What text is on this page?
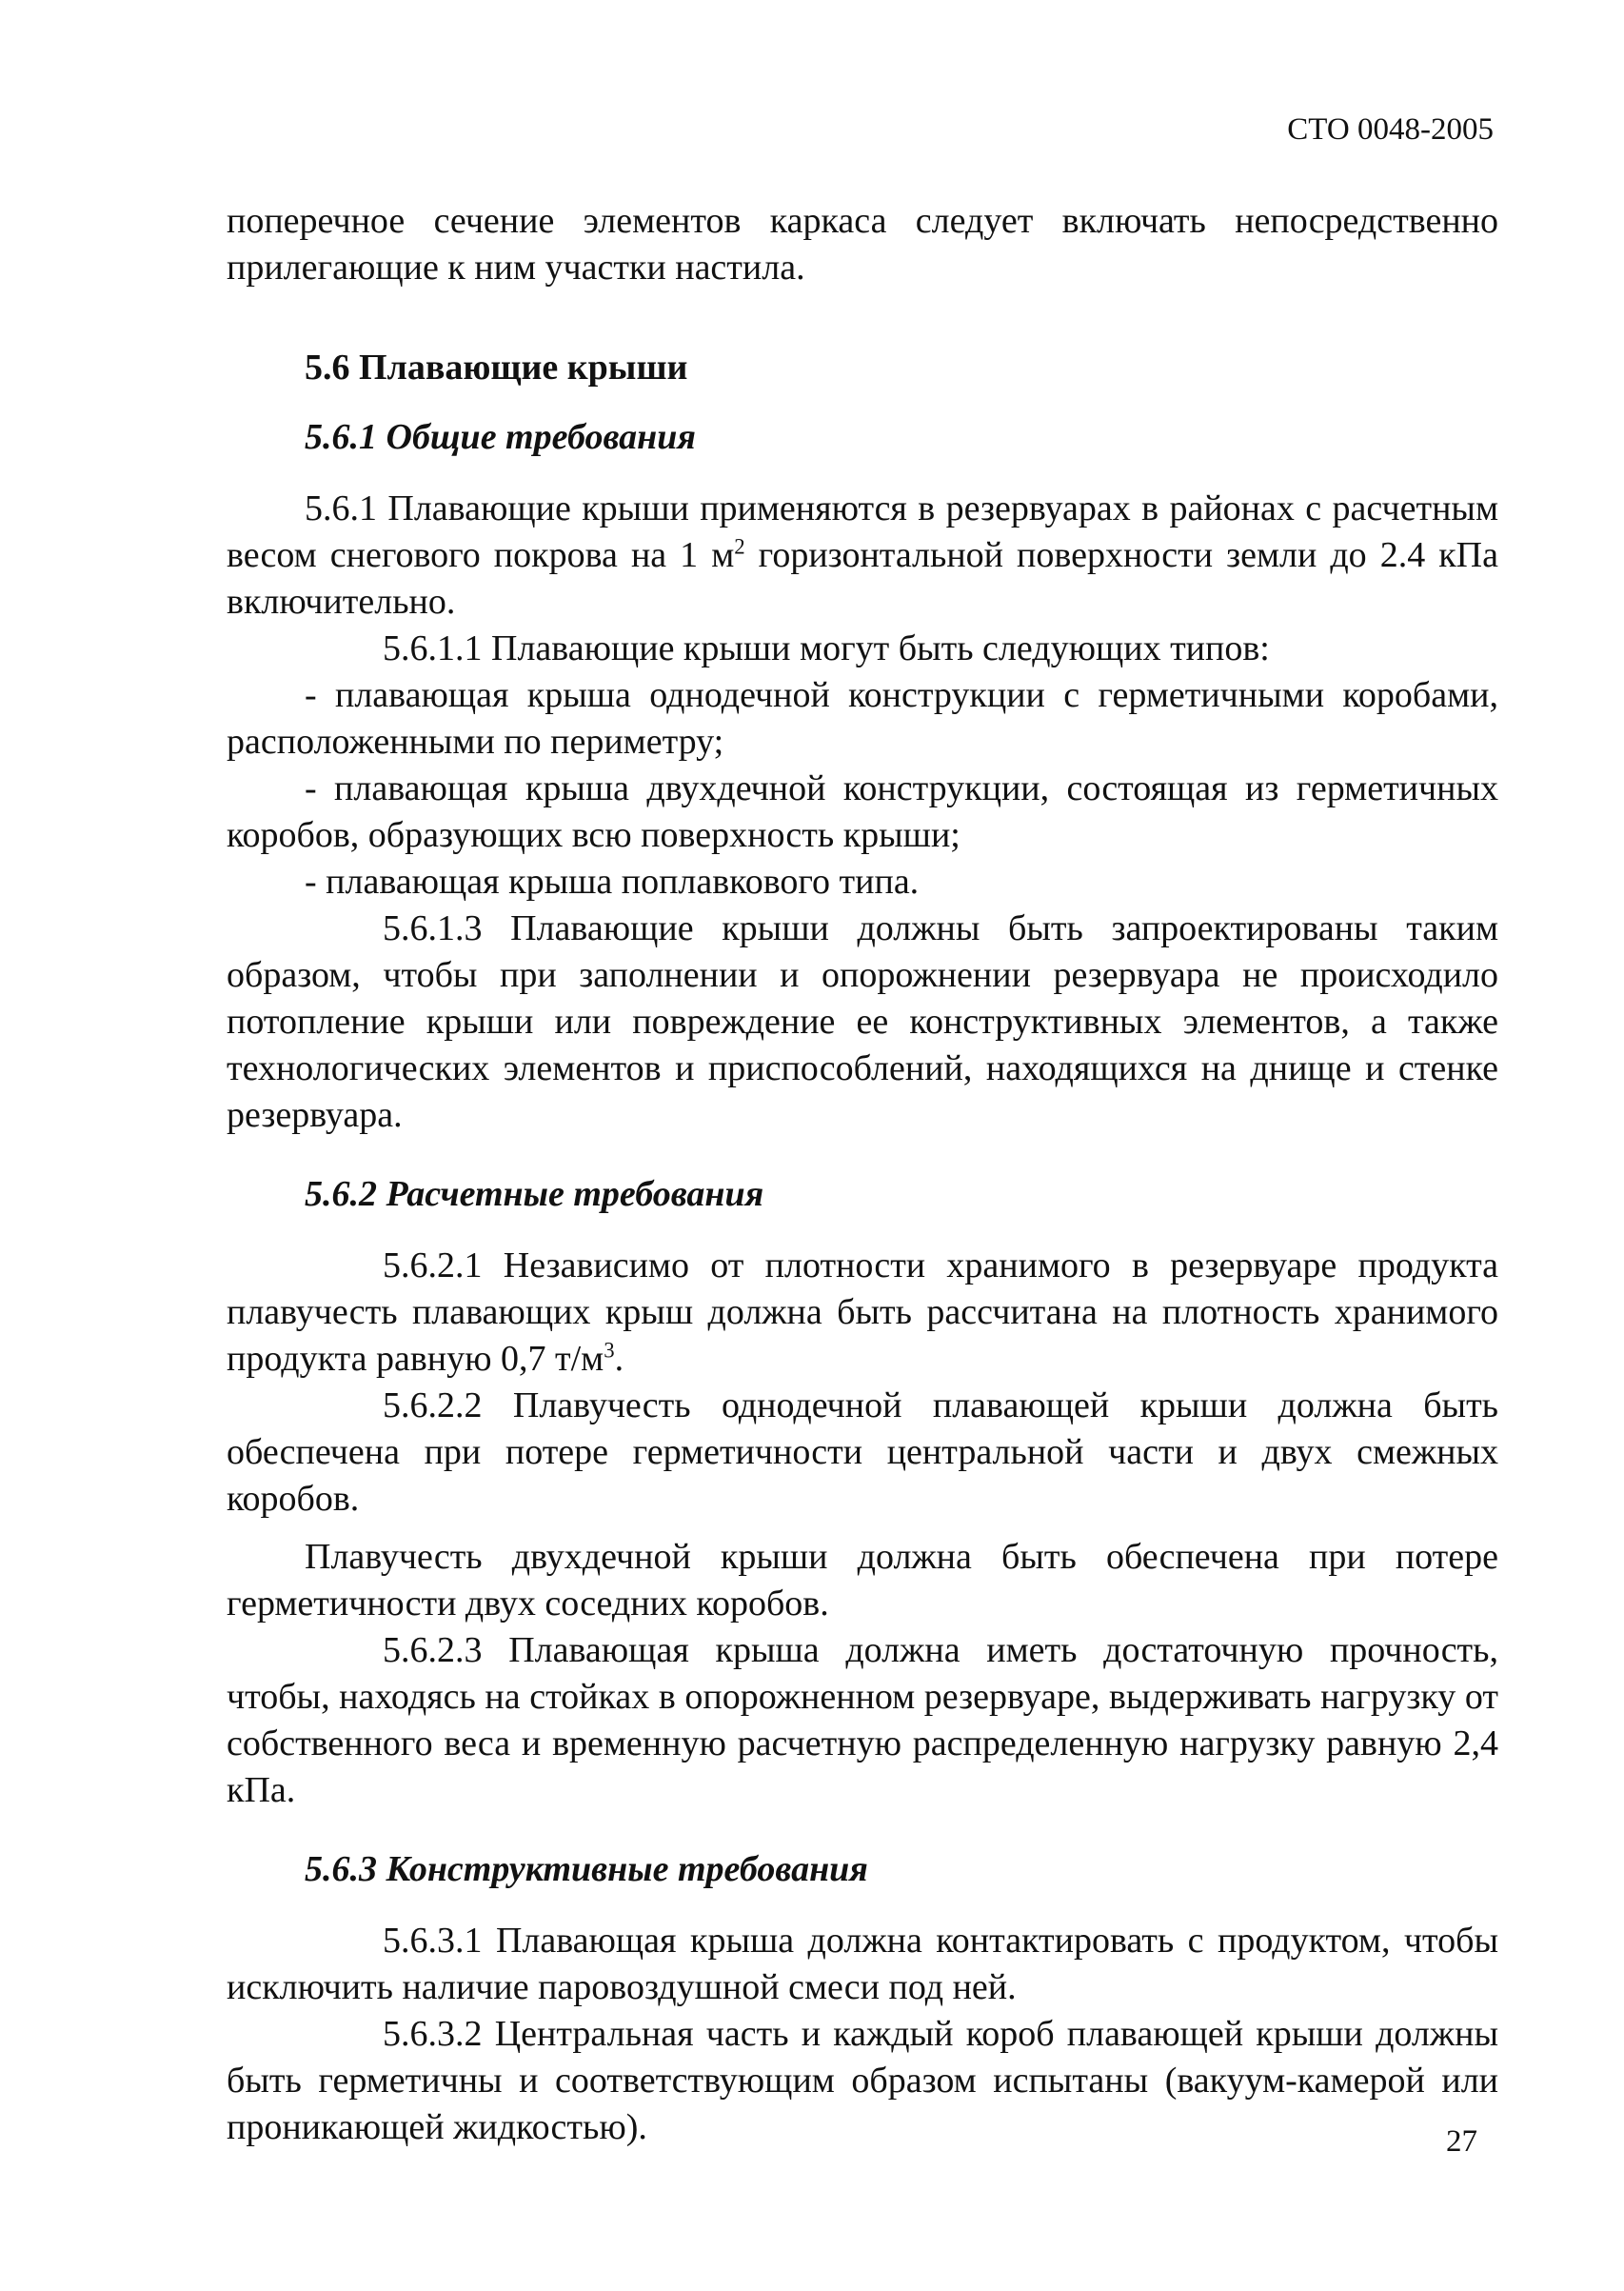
СТО 0048-2005

поперечное сечение элементов каркаса следует включать непосредственно прилегающие к ним участки настила.

5.6 Плавающие крыши

5.6.1 Общие требования

5.6.1 Плавающие крыши применяются в резервуарах в районах с расчетным весом снегового покрова на 1 $м^2$ горизонтальной поверхности земли до 2.4 кПа включительно.

5.6.1.1 Плавающие крыши могут быть следующих типов:

- плавающая крыша однодечной конструкции с герметичными коробами, расположенными по периметру;

- плавающая крыша двухдечной конструкции, состоящая из герметичных коробов, образующих всю поверхность крыши;

- плавающая крыша поплавкового типа.

5.6.1.3 Плавающие крыши должны быть запроектированы таким образом, чтобы при заполнении и опорожнении резервуара не происходило потопление крыши или повреждение ее конструктивных элементов, а также технологических элементов и приспособлений, находящихся на днище и стенке резервуара.

5.6.2 Расчетные требования

5.6.2.1 Независимо от плотности хранимого в резервуаре продукта плавучесть плавающих крыш должна быть рассчитана на плотность хранимого продукта равную 0,7 $т/м^3$.

5.6.2.2 Плавучесть однодечной плавающей крыши должна быть обеспечена при потере герметичности центральной части и двух смежных коробов.

Плавучесть двухдечной крыши должна быть обеспечена при потере герметичности двух соседних коробов.

5.6.2.3 Плавающая крыша должна иметь достаточную прочность, чтобы, находясь на стойках в опорожненном резервуаре, выдерживать нагрузку от собственного веса и временную расчетную распределенную нагрузку равную 2,4 кПа.

5.6.3 Конструктивные требования

5.6.3.1 Плавающая крыша должна контактировать с продуктом, чтобы исключить наличие паровоздушной смеси под ней.

5.6.3.2 Центральная часть и каждый короб плавающей крыши должны быть герметичны и соответствующим образом испытаны (вакуум-камерой или проникающей жидкостью).	27
